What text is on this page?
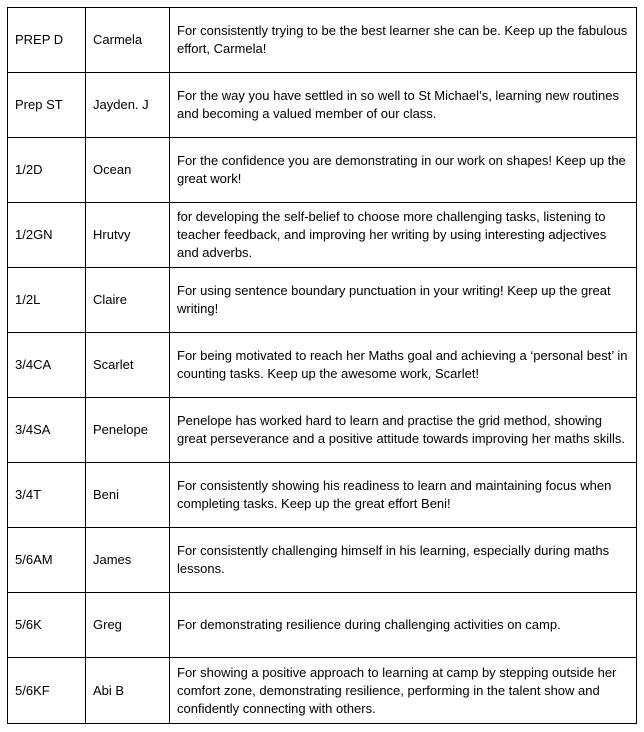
PREP D	Carmela	For consistently trying to be the best learner she can be. Keep up the fabulous effort, Carmela!
Prep ST	Jayden. J	For the way you have settled in so well to St Michael’s, learning new routines and becoming a valued member of our class.
1/2D	Ocean	For the confidence you are demonstrating in our work on shapes! Keep up the great work!
1/2GN	Hrutvy	for developing the self-belief to choose more challenging tasks, listening to teacher feedback, and improving her writing by using interesting adjectives and adverbs.
1/2L	Claire	For using sentence boundary punctuation in your writing! Keep up the great writing!
3/4CA	Scarlet	For being motivated to reach her Maths goal and achieving a ‘personal best’ in counting tasks. Keep up the awesome work, Scarlet!
3/4SA	Penelope	Penelope has worked hard to learn and practise the grid method, showing great perseverance and a positive attitude towards improving her maths skills.
3/4T	Beni	For consistently showing his readiness to learn and maintaining focus when completing tasks. Keep up the great effort Beni!
5/6AM	James	For consistently challenging himself in his learning, especially during maths lessons.
5/6K	Greg	For demonstrating resilience during challenging activities on camp.
5/6KF	Abi B	For showing a positive approach to learning at camp by stepping outside her comfort zone, demonstrating resilience, performing in the talent show and confidently connecting with others.
